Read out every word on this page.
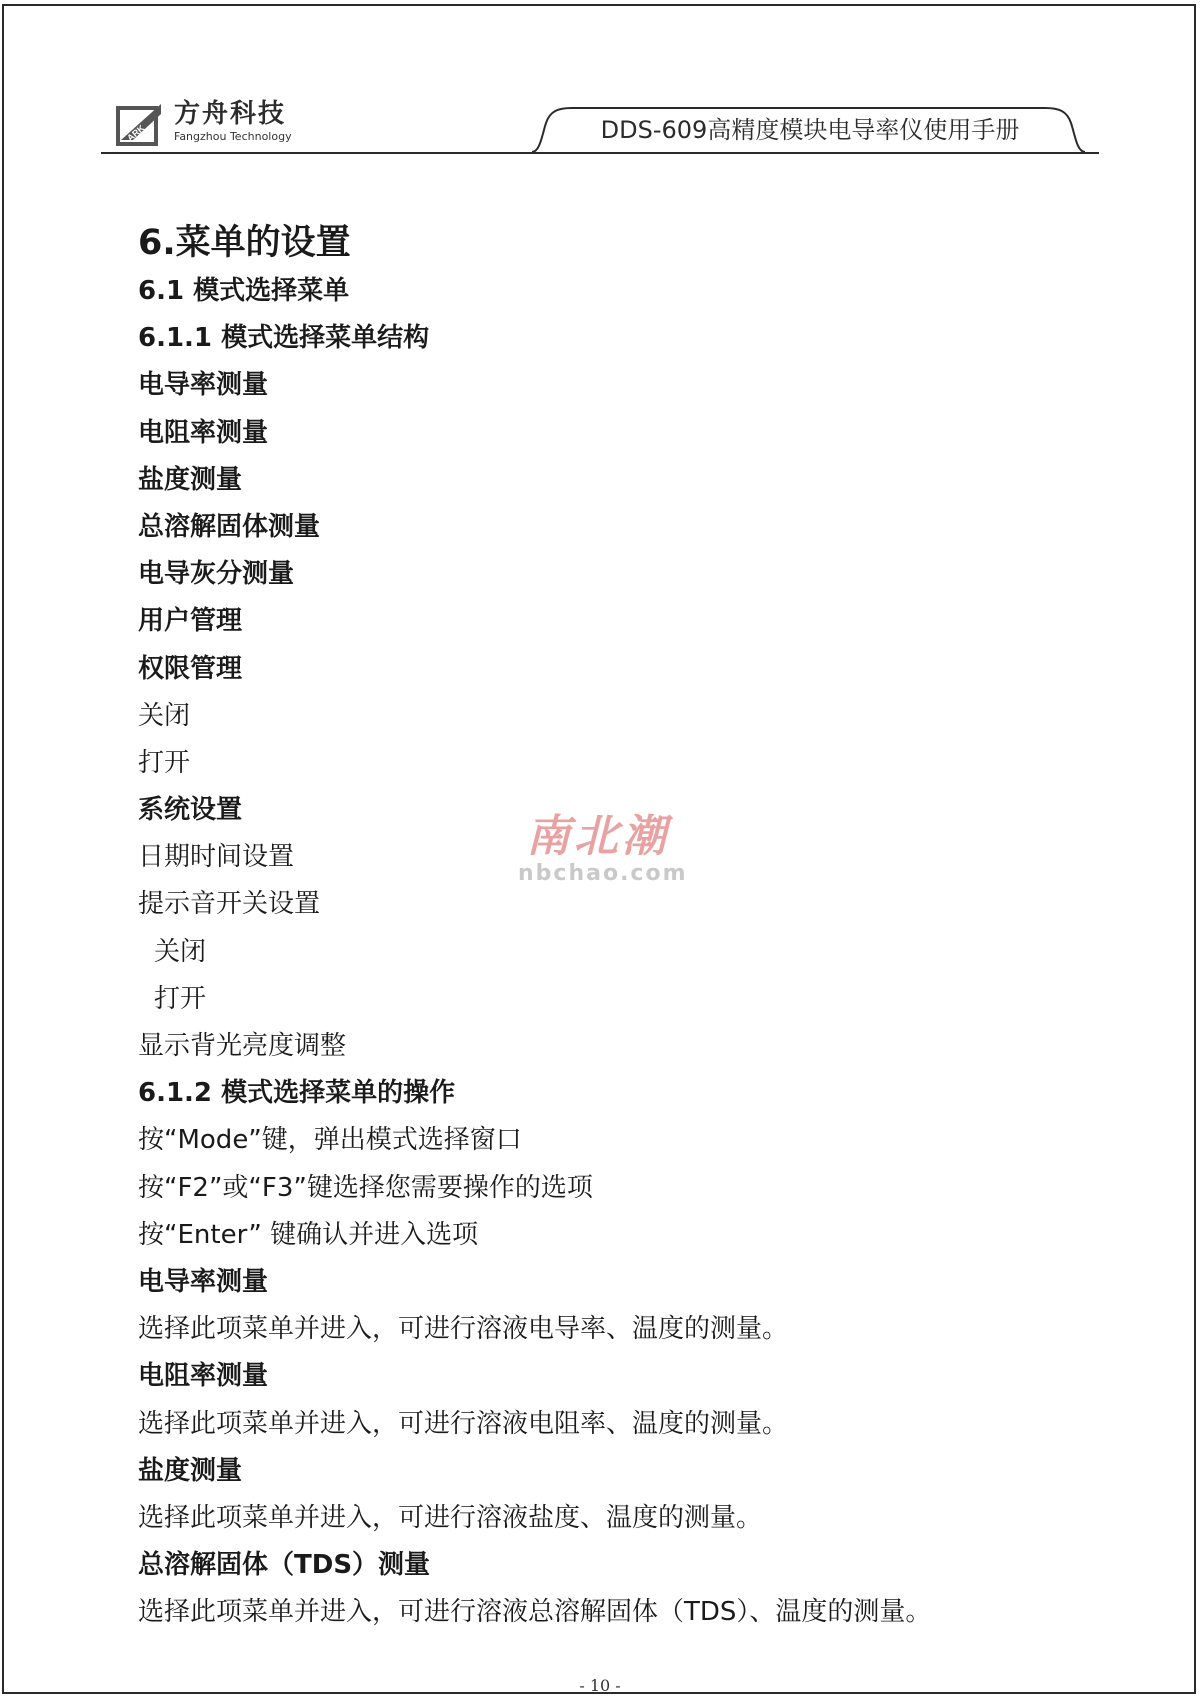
ARK
方舟科技
Fangzhou Technology	DDS-609高精度模块电导率仪使用手册
6.菜单的设置
6.1 模式选择菜单
6.1.1 模式选择菜单结构
电导率测量
电阻率测量
盐度测量
总溶解固体测量
电导灰分测量
用户管理
权限管理
关闭
打开
系统设置
日期时间设置
提示音开关设置
关闭
打开
显示背光亮度调整
6.1.2 模式选择菜单的操作
按“Mode”键，弹出模式选择窗口
按“F2”或“F3”键选择您需要操作的选项
按“Enter” 键确认并进入选项
电导率测量
选择此项菜单并进入，可进行溶液电导率、温度的测量。
电阻率测量
选择此项菜单并进入，可进行溶液电阻率、温度的测量。
盐度测量
选择此项菜单并进入，可进行溶液盐度、温度的测量。
总溶解固体（TDS）测量
选择此项菜单并进入，可进行溶液总溶解固体（TDS）、温度的测量。
南北潮
nbchao.com
- 10 -
